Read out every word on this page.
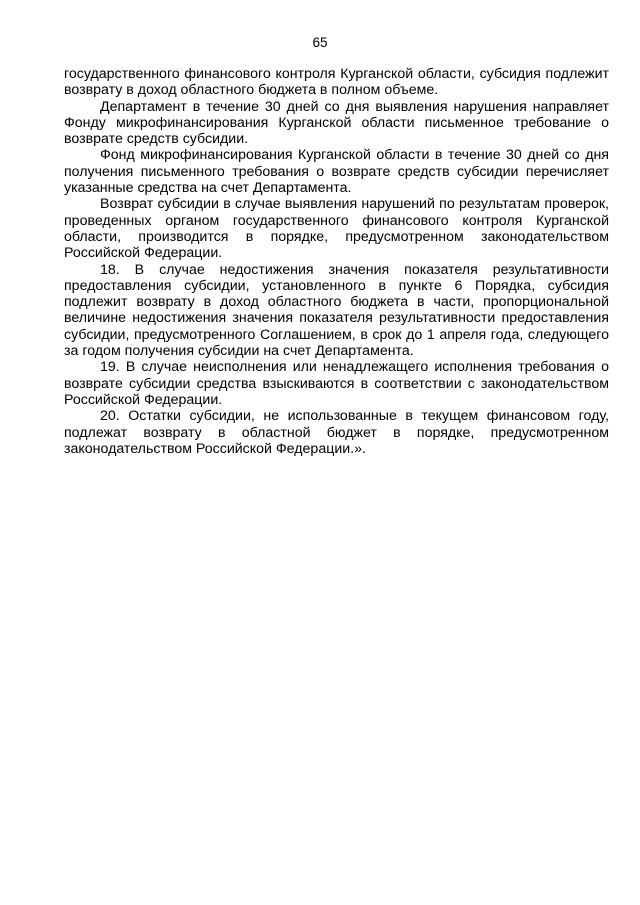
65

государственного финансового контроля Курганской области, субсидия подлежит возврату в доход областного бюджета в полном объеме.

Департамент в течение 30 дней со дня выявления нарушения направляет Фонду микрофинансирования Курганской области письменное требование о возврате средств субсидии.

Фонд микрофинансирования Курганской области в течение 30 дней со дня получения письменного требования о возврате средств субсидии перечисляет указанные средства на счет Департамента.

Возврат субсидии в случае выявления нарушений по результатам проверок, проведенных органом государственного финансового контроля Курганской области, производится в порядке, предусмотренном законодательством Российской Федерации.

18. В случае недостижения значения показателя результативности предоставления субсидии, установленного в пункте 6 Порядка, субсидия подлежит возврату в доход областного бюджета в части, пропорциональной величине недостижения значения показателя результативности предоставления субсидии, предусмотренного Соглашением, в срок до 1 апреля года, следующего за годом получения субсидии на счет Департамента.

19. В случае неисполнения или ненадлежащего исполнения требования о возврате субсидии средства взыскиваются в соответствии с законодательством Российской Федерации.

20. Остатки субсидии, не использованные в текущем финансовом году, подлежат возврату в областной бюджет в порядке, предусмотренном законодательством Российской Федерации.».
